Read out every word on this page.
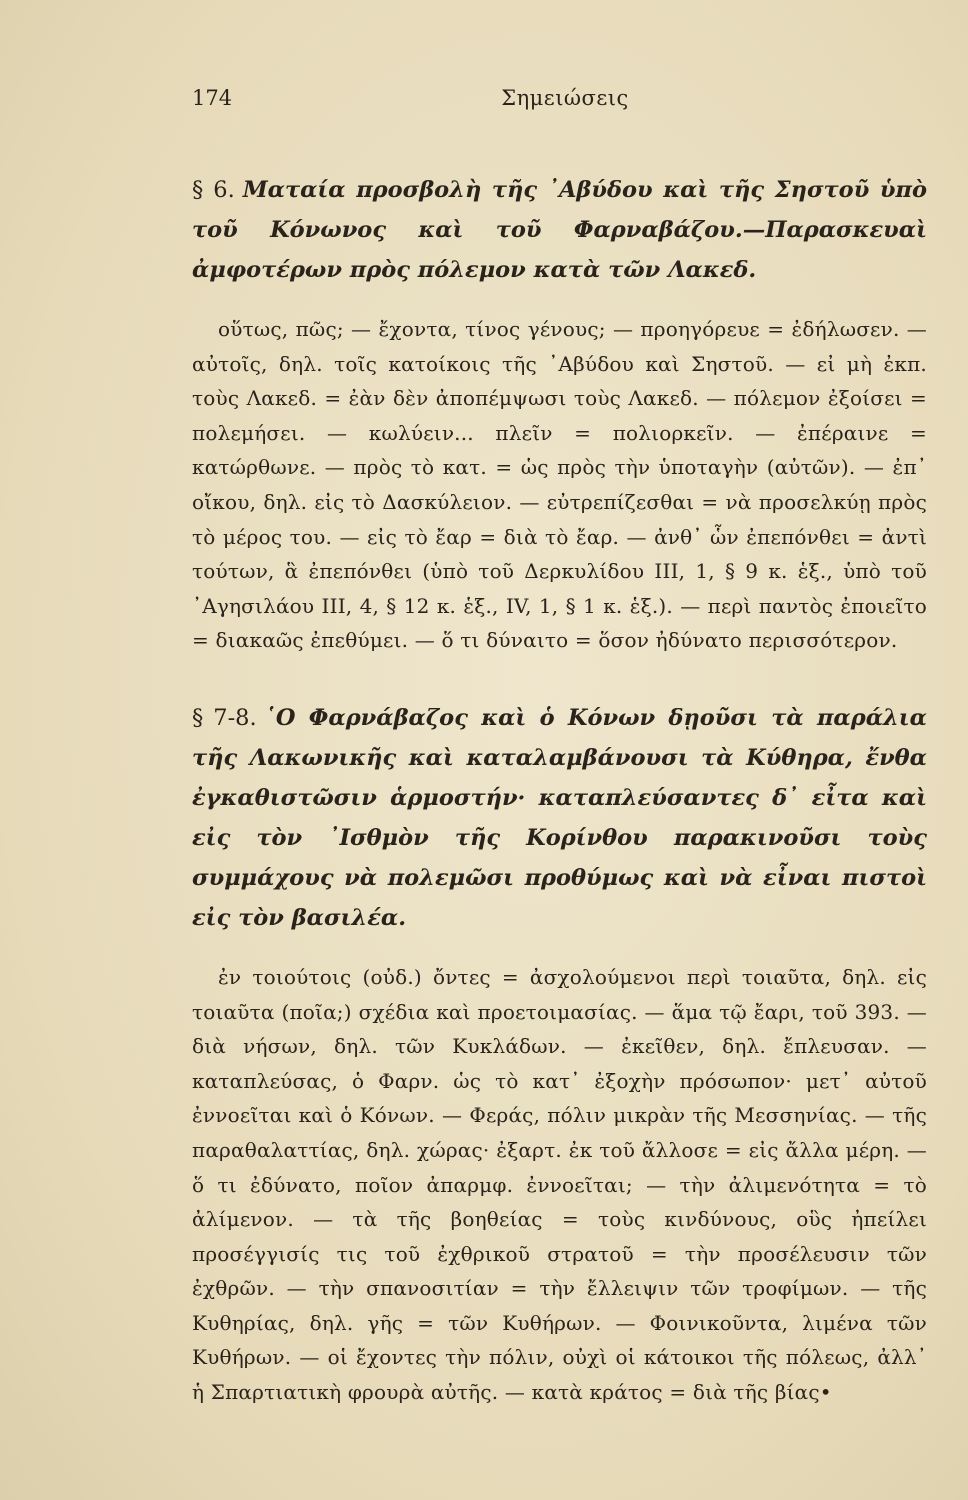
174	Σημειώσεις

§ 6. Ματαία προσβολὴ τῆς ᾿Αβύδου καὶ τῆς Σηστοῦ ὑπὸ τοῦ Κόνωνος καὶ τοῦ Φαρναβάζου.—Παρασκευαὶ ἀμφοτέρων πρὸς πόλεμον κατὰ τῶν Λακεδ.

οὕτως, πῶς; — ἔχοντα, τίνος γένους; — προηγόρευε = ἐδήλωσεν. — αὐτοῖς, δηλ. τοῖς κατοίκοις τῆς ᾿Αβύδου καὶ Σηστοῦ. — εἰ μὴ ἐκπ. τοὺς Λακεδ. = ἐὰν δὲν ἀποπέμψωσι τοὺς Λακεδ. — πόλεμον ἐξοίσει = πολεμήσει. — κωλύειν... πλεῖν = πολιορκεῖν. — ἐπέραινε = κατώρθωνε. — πρὸς τὸ κατ. = ὡς πρὸς τὴν ὑποταγὴν (αὐτῶν). — ἐπ᾿ οἴκου, δηλ. εἰς τὸ Δασκύλειον. — εὐτρεπίζεσθαι = νὰ προσελκύῃ πρὸς τὸ μέρος του. — εἰς τὸ ἔαρ = διὰ τὸ ἔαρ. — ἀνθ᾿ ὧν ἐπεπόνθει = ἀντὶ τούτων, ἃ ἐπεπόνθει (ὑπὸ τοῦ Δερκυλίδου III, 1, § 9 κ. ἑξ., ὑπὸ τοῦ ᾿Αγησιλάου III, 4, § 12 κ. ἑξ., IV, 1, § 1 κ. ἑξ.). — περὶ παντὸς ἐποιεῖτο = διακαῶς ἐπεθύμει. — ὅ τι δύναιτο = ὅσον ἠδύνατο περισσότερον.

§ 7-8. ῾Ο Φαρνάβαζος καὶ ὁ Κόνων δῃοῦσι τὰ παράλια τῆς Λακωνικῆς καὶ καταλαμβάνουσι τὰ Κύθηρα, ἔνθα ἐγκαθιστῶσιν ἁρμοστήν· καταπλεύσαντες δ᾿ εἶτα καὶ εἰς τὸν ᾿Ισθμὸν τῆς Κορίνθου παρακινοῦσι τοὺς συμμάχους νὰ πολεμῶσι προθύμως καὶ νὰ εἶναι πιστοὶ εἰς τὸν βασιλέα.

ἐν τοιούτοις (οὐδ.) ὄντες = ἀσχολούμενοι περὶ τοιαῦτα, δηλ. εἰς τοιαῦτα (ποῖα;) σχέδια καὶ προετοιμασίας. — ἅμα τῷ ἔαρι, τοῦ 393. — διὰ νήσων, δηλ. τῶν Κυκλάδων. — ἐκεῖθεν, δηλ. ἔπλευσαν. — καταπλεύσας, ὁ Φαρν. ὡς τὸ κατ᾿ ἐξοχὴν πρόσωπον· μετ᾿ αὐτοῦ ἐννοεῖται καὶ ὁ Κόνων. — Φεράς, πόλιν μικρὰν τῆς Μεσσηνίας. — τῆς παραθαλαττίας, δηλ. χώρας· ἐξαρτ. ἐκ τοῦ ἄλλοσε = εἰς ἄλλα μέρη. — ὅ τι ἐδύνατο, ποῖον ἀπαρμφ. ἐννοεῖται; — τὴν ἀλιμενότητα = τὸ ἀλίμενον. — τὰ τῆς βοηθείας = τοὺς κινδύνους, οὓς ἠπείλει προσέγγισίς τις τοῦ ἐχθρικοῦ στρατοῦ = τὴν προσέλευσιν τῶν ἐχθρῶν. — τὴν σπανοσιτίαν = τὴν ἔλλειψιν τῶν τροφίμων. — τῆς Κυθηρίας, δηλ. γῆς = τῶν Κυθήρων. — Φοινικοῦντα, λιμένα τῶν Κυθήρων. — οἱ ἔχοντες τὴν πόλιν, οὐχὶ οἱ κάτοικοι τῆς πόλεως, ἀλλ᾿ ἡ Σπαρτιατικὴ φρουρὰ αὐτῆς. — κατὰ κράτος = διὰ τῆς βίας•
